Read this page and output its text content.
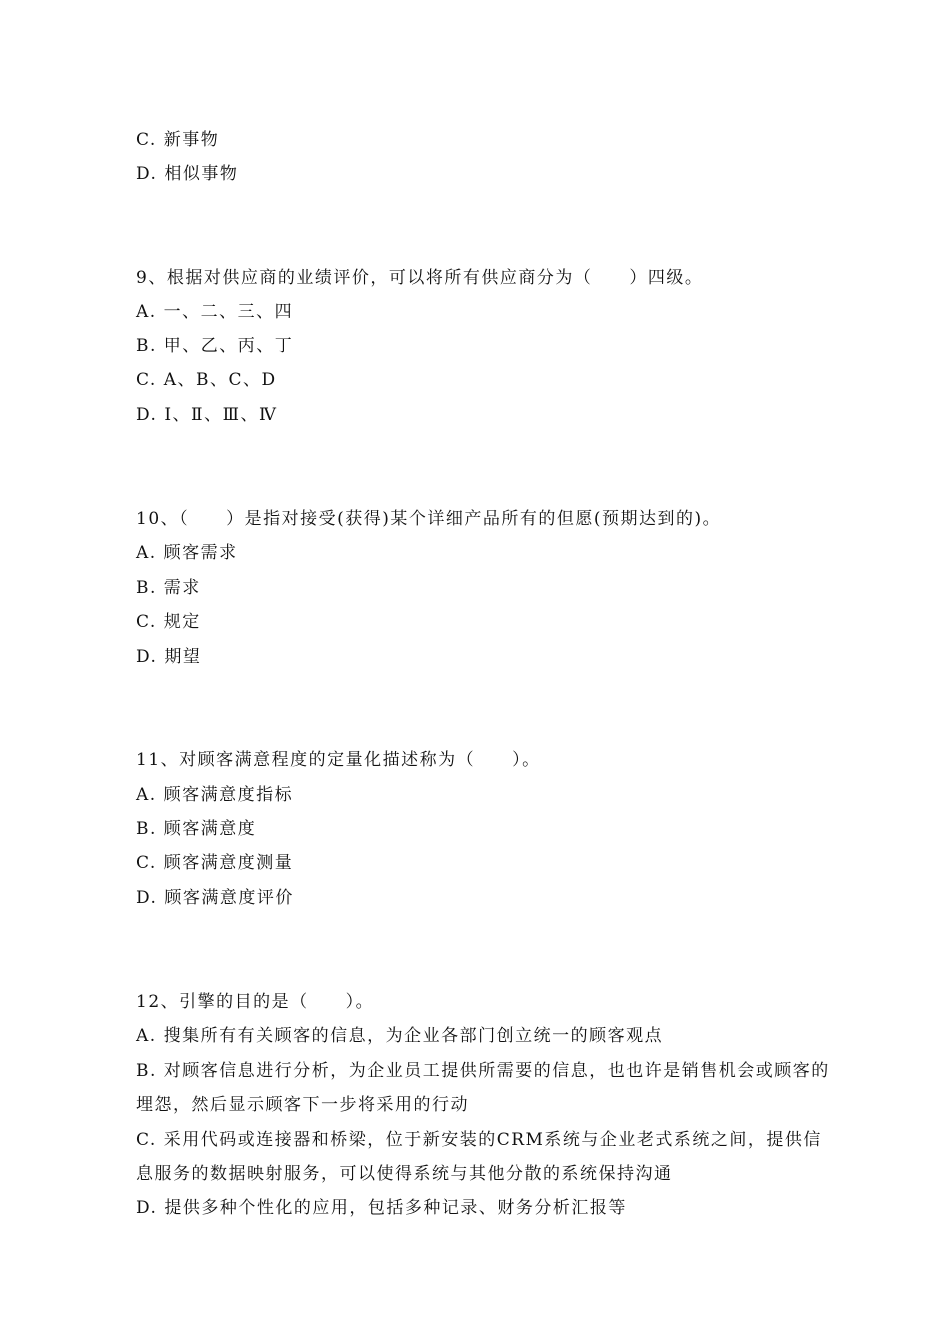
C. 新事物
D. 相似事物
9、根据对供应商的业绩评价，可以将所有供应商分为（　　）四级。
A. 一、二、三、四
B. 甲、乙、丙、丁
C. A、B、C、D
D. Ⅰ、Ⅱ、Ⅲ、Ⅳ
10、（　　）是指对接受(获得)某个详细产品所有的但愿(预期达到的)。
A. 顾客需求
B. 需求
C. 规定
D. 期望
11、对顾客满意程度的定量化描述称为（　　）。
A. 顾客满意度指标
B. 顾客满意度
C. 顾客满意度测量
D. 顾客满意度评价
12、引擎的目的是（　　）。
A. 搜集所有有关顾客的信息，为企业各部门创立统一的顾客观点
B. 对顾客信息进行分析，为企业员工提供所需要的信息，也也许是销售机会或顾客的埋怨，然后显示顾客下一步将采用的行动
C. 采用代码或连接器和桥梁，位于新安装的CRM系统与企业老式系统之间，提供信息服务的数据映射服务，可以使得系统与其他分散的系统保持沟通
D. 提供多种个性化的应用，包括多种记录、财务分析汇报等
